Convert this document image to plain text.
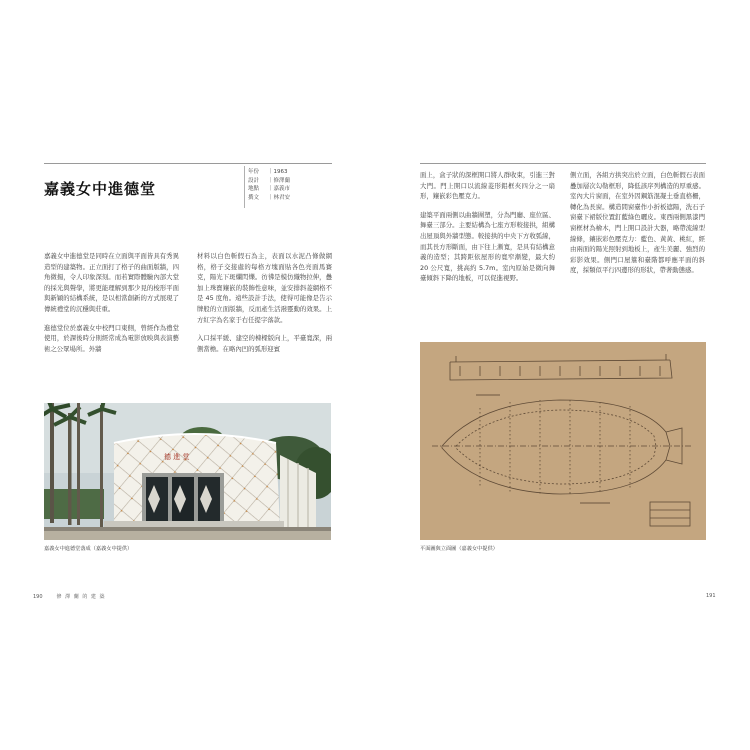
嘉義女中進德堂
年份 ｜1963
設計 ｜修澤蘭
地點 ｜嘉義市
撰文 ｜林君安

嘉義女中進德堂是同時在立面與平面皆具有秀異造型的建築物。正立面打了格子的曲面版牆，四角微揚，令人印象深刻。而若實際體驗內部大堂的採光與聲學，將更能理解到那少見的梭形平面與新穎的結構系統，是以相當創新的方式展現了傳統禮堂的沉穩與莊重。

進德堂位於嘉義女中校門口東側，曾經作為禮堂使用，於課後時分則經常成為電影放映與表演藝術之公眾場所。外牆

材料以白色斬假石為主，表面以水泥凸條做網格，格子交接處的每格方塊面貼各色亮面馬賽克，陽光下斑爛閃爍。彷彿是模仿織物拉伸，疊加上珠寶鑲嵌的裝飾性意味，並安排斜菱網格不是 45 度角。遠些設計手法，使得可能像是告示牌般的立面版牆，反而產生活潑靈動的效果。上方紅字為名家于右任提字落款。

入口採平緩、建空的棟樑版向上，平臺寬深，兩側當檐。在略內凹的弧形迎賓

德 進 堂
嘉義女中進德堂落成（嘉義女中提供）
190	修 澤 蘭 的 建 築

面上，盒子狀的深框開口將人群收束，引進三對大門。門上開口以流線菱形鋁框夾四分之一扇形，鑲嵌彩色壓克力。

建築平面兩側以曲牆圍塑，分為門廳、座位區、舞臺三部分。主要結構為七座方形較接拱，組構出屋頂與外牆型態。較接拱的中央下方收弧線，而其長方形斷面，由下往上漸寬，是具有結構意義的造型；其跨距依屋形的寬窄漸變，最大約 20 公尺寬，挑高約 5.7m。室內原始是微向舞臺傾斜下降的地板，可以促進視野。

側立面，各組方拱突出於立面，白色斬假石表面疊加層次勾勒框形，降低該序列構造的厚重感。室內大片窗面，在室外因鋼筋混凝土垂直格柵，轉化為長窗。構造間窗臺作小折板遮陽，洗石子窗臺下裙版位置釘藍綠色曬皮。東西兩側黑漆門窗框材為檜木，門上開口設計大器，略帶流線型線條，鑲嵌彩色壓克力：藍色、黃黃、桃紅，經由兩面的陽光照射到地板上，產生美麗、強烈的彩影效果。側門口屋簷和臺階都呼應平面的斜度，採類似平行四邊形的形狀，帶著動態感。

平面圖與立面圖（嘉義女中提供）
191
